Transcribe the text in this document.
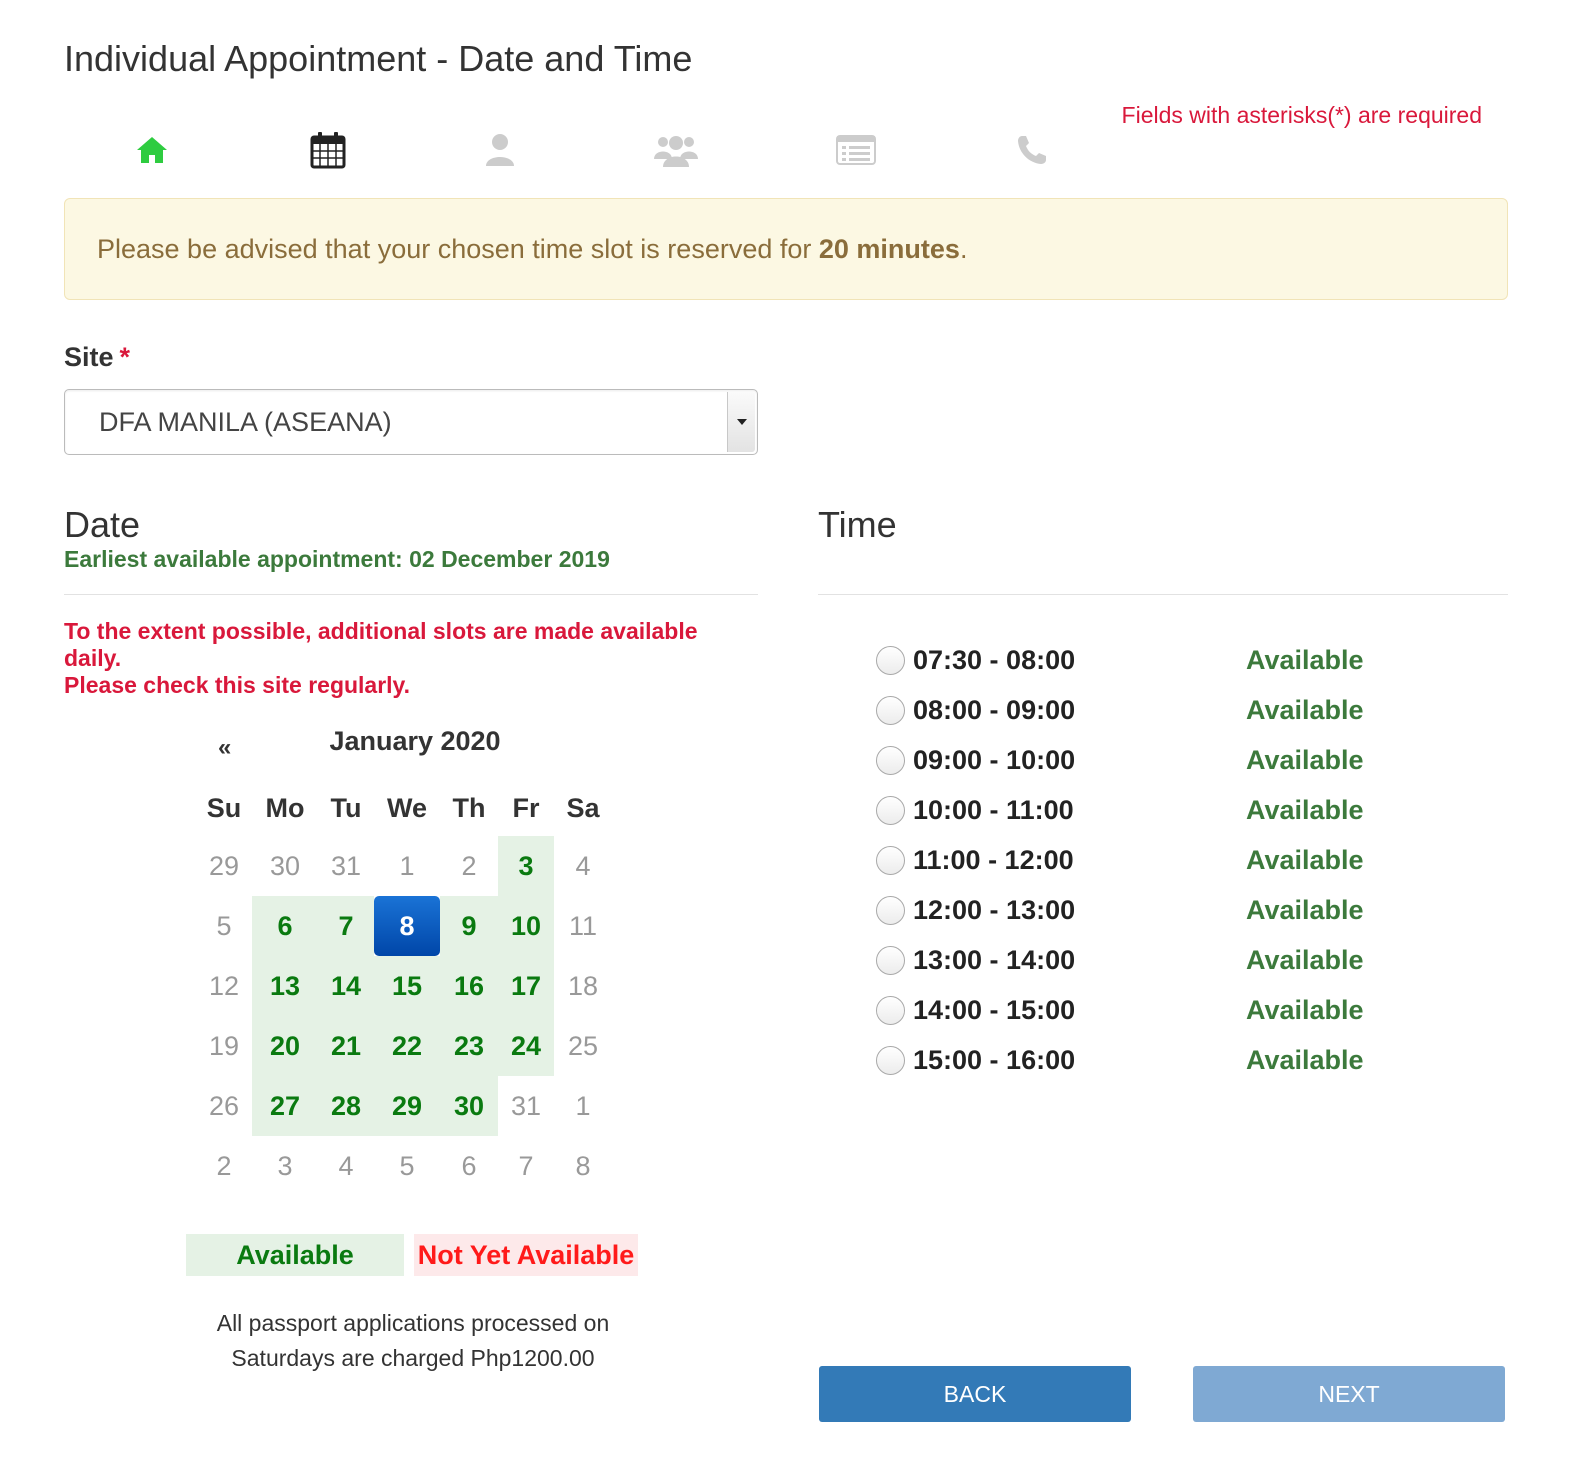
Individual Appointment - Date and Time
Fields with asterisks(*) are required
Please be advised that your chosen time slot is reserved for 20 minutes.
Site *
DFA MANILA (ASEANA)
Date
Earliest available appointment: 02 December 2019
To the extent possible, additional slots are made available daily.
Please check this site regularly.
January 2020
«
Su Mo Tu We Th	Fr Sa
29	30	31	1	2	3	4
5	6	7	8	9	10	11
12	13	14	15	16 17 18
19	20	21	22	23 24 25
26	27	28	29	30 31	1
2	3	4	5	6	7	8
Available	Not Yet Available
All passport applications processed on Saturdays are charged Php1200.00
Time
07:30 - 08:00	Available
08:00 - 09:00	Available
09:00 - 10:00	Available
10:00 - 11:00	Available
11:00 - 12:00	Available
12:00 - 13:00	Available
13:00 - 14:00	Available
14:00 - 15:00	Available
15:00 - 16:00	Available
BACK	NEXT
